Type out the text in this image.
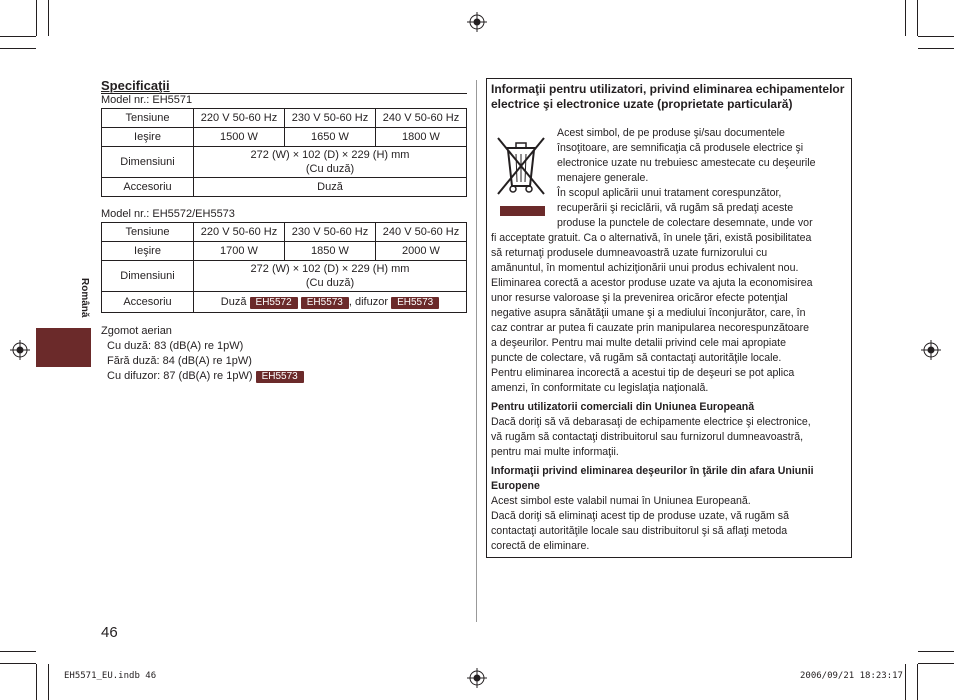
Română
Specificaţii
Model nr.: EH5571
Tensiune	220 V 50-60 Hz	230 V 50-60 Hz	240 V 50-60 Hz
Ieşire	1500 W	1650 W	1800 W
Dimensiuni	272 (W) × 102 (D) × 229 (H) mm
(Cu duză)		

Accesoriu	Duză		
Model nr.: EH5572/EH5573
Tensiune	220 V 50-60 Hz	230 V 50-60 Hz	240 V 50-60 Hz
Ieşire	1700 W	1850 W	2000 W
Dimensiuni	272 (W) × 102 (D) × 229 (H) mm
(Cu duză)		

Accesoriu	Duză EH5572 EH5573 , difuzor EH5573		
Zgomot aerian
Cu duză: 83 (dB(A) re 1pW)
Fără duză: 84 (dB(A) re 1pW)
Cu difuzor: 87 (dB(A) re 1pW) EH5573
Informaţii pentru utilizatori, privind eliminarea echipamentelor electrice şi electronice uzate (proprietate particulară)
Acest simbol, de pe produse şi/sau documentele
însoţitoare, are semnificaţia că produsele electrice şi
electronice uzate nu trebuiesc amestecate cu deşeurile
menajere generale.
În scopul aplicării unui tratament corespunzător,
recuperării şi reciclării, vă rugăm să predaţi aceste
produse la punctele de colectare desemnate, unde vor
fi acceptate gratuit. Ca o alternativă, în unele ţări, există posibilitatea
să returnaţi produsele dumneavoastră uzate furnizorului cu
amănuntul, în momentul achiziţionării unui produs echivalent nou.
Eliminarea corectă a acestor produse uzate va ajuta la economisirea
unor resurse valoroase şi la prevenirea oricăror efecte potenţial
negative asupra sănătăţii umane şi a mediului înconjurător, care, în
caz contrar ar putea fi cauzate prin manipularea necorespunzătoare
a deşeurilor. Pentru mai multe detalii privind cele mai apropiate
puncte de colectare, vă rugăm să contactaţi autorităţile locale.
Pentru eliminarea incorectă a acestui tip de deşeuri se pot aplica
amenzi, în conformitate cu legislaţia naţională.
Pentru utilizatorii comerciali din Uniunea Europeană
Dacă doriţi să vă debarasaţi de echipamente electrice şi electronice,
vă rugăm să contactaţi distribuitorul sau furnizorul dumneavoastră,
pentru mai multe informaţii.
Informaţii privind eliminarea deşeurilor în ţările din afara Uniunii Europene
Acest simbol este valabil numai în Uniunea Europeană.
Dacă doriţi să eliminaţi acest tip de produse uzate, vă rugăm să
contactaţi autorităţile locale sau distribuitorul şi să aflaţi metoda
corectă de eliminare.
46
EH5571_EU.indb 46	2006/09/21 18:23:17
